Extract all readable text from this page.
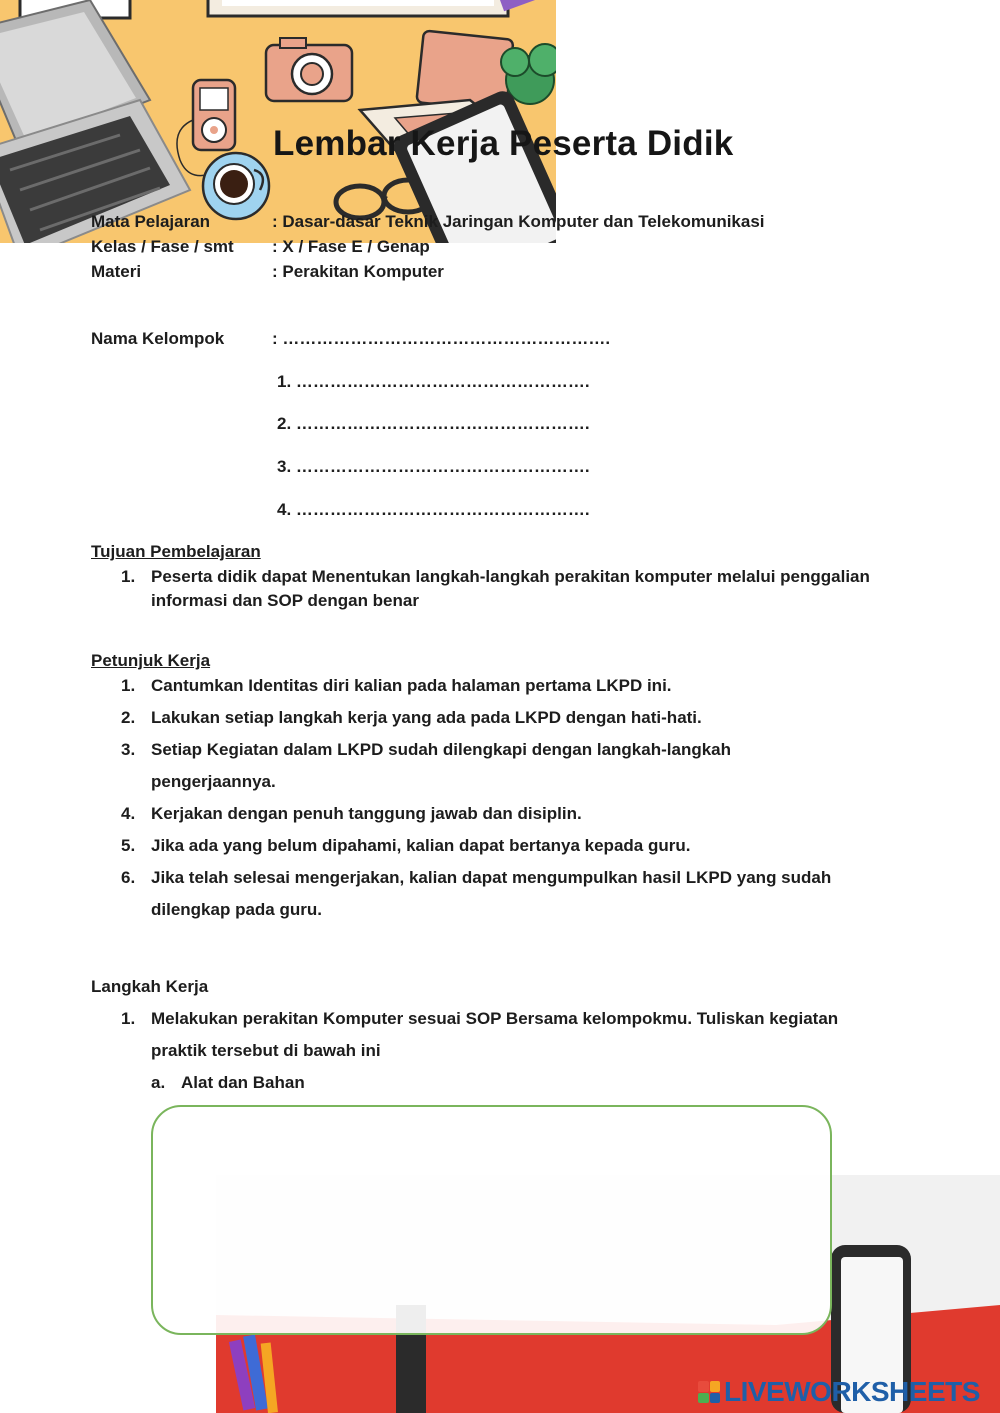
Lembar Kerja Peserta Didik
Mata Pelajaran	: Dasar-dasar Teknik Jaringan Komputer dan Telekomunikasi
Kelas / Fase / smt : X / Fase E / Genap
Materi	: Perakitan Komputer
Nama Kelompok	: ………………………………………………….
1. …………………………………………….
2. …………………………………………….
3. …………………………………………….
4. …………………………………………….
Tujuan Pembelajaran
1. Peserta didik dapat Menentukan langkah-langkah perakitan komputer melalui penggalian informasi dan SOP dengan benar
Petunjuk Kerja
1. Cantumkan Identitas diri kalian pada halaman pertama LKPD ini.
2. Lakukan setiap langkah kerja yang ada pada LKPD dengan hati-hati.
3. Setiap Kegiatan dalam LKPD sudah dilengkapi dengan langkah-langkah pengerjaannya.
4. Kerjakan dengan penuh tanggung jawab dan disiplin.
5. Jika ada yang belum dipahami, kalian dapat bertanya kepada guru.
6. Jika telah selesai mengerjakan, kalian dapat mengumpulkan hasil LKPD yang sudah dilengkap pada guru.
Langkah Kerja
1. Melakukan perakitan Komputer sesuai SOP Bersama kelompokmu. Tuliskan kegiatan praktik tersebut di bawah ini
a. Alat dan Bahan
LIVEWORKSHEETS
